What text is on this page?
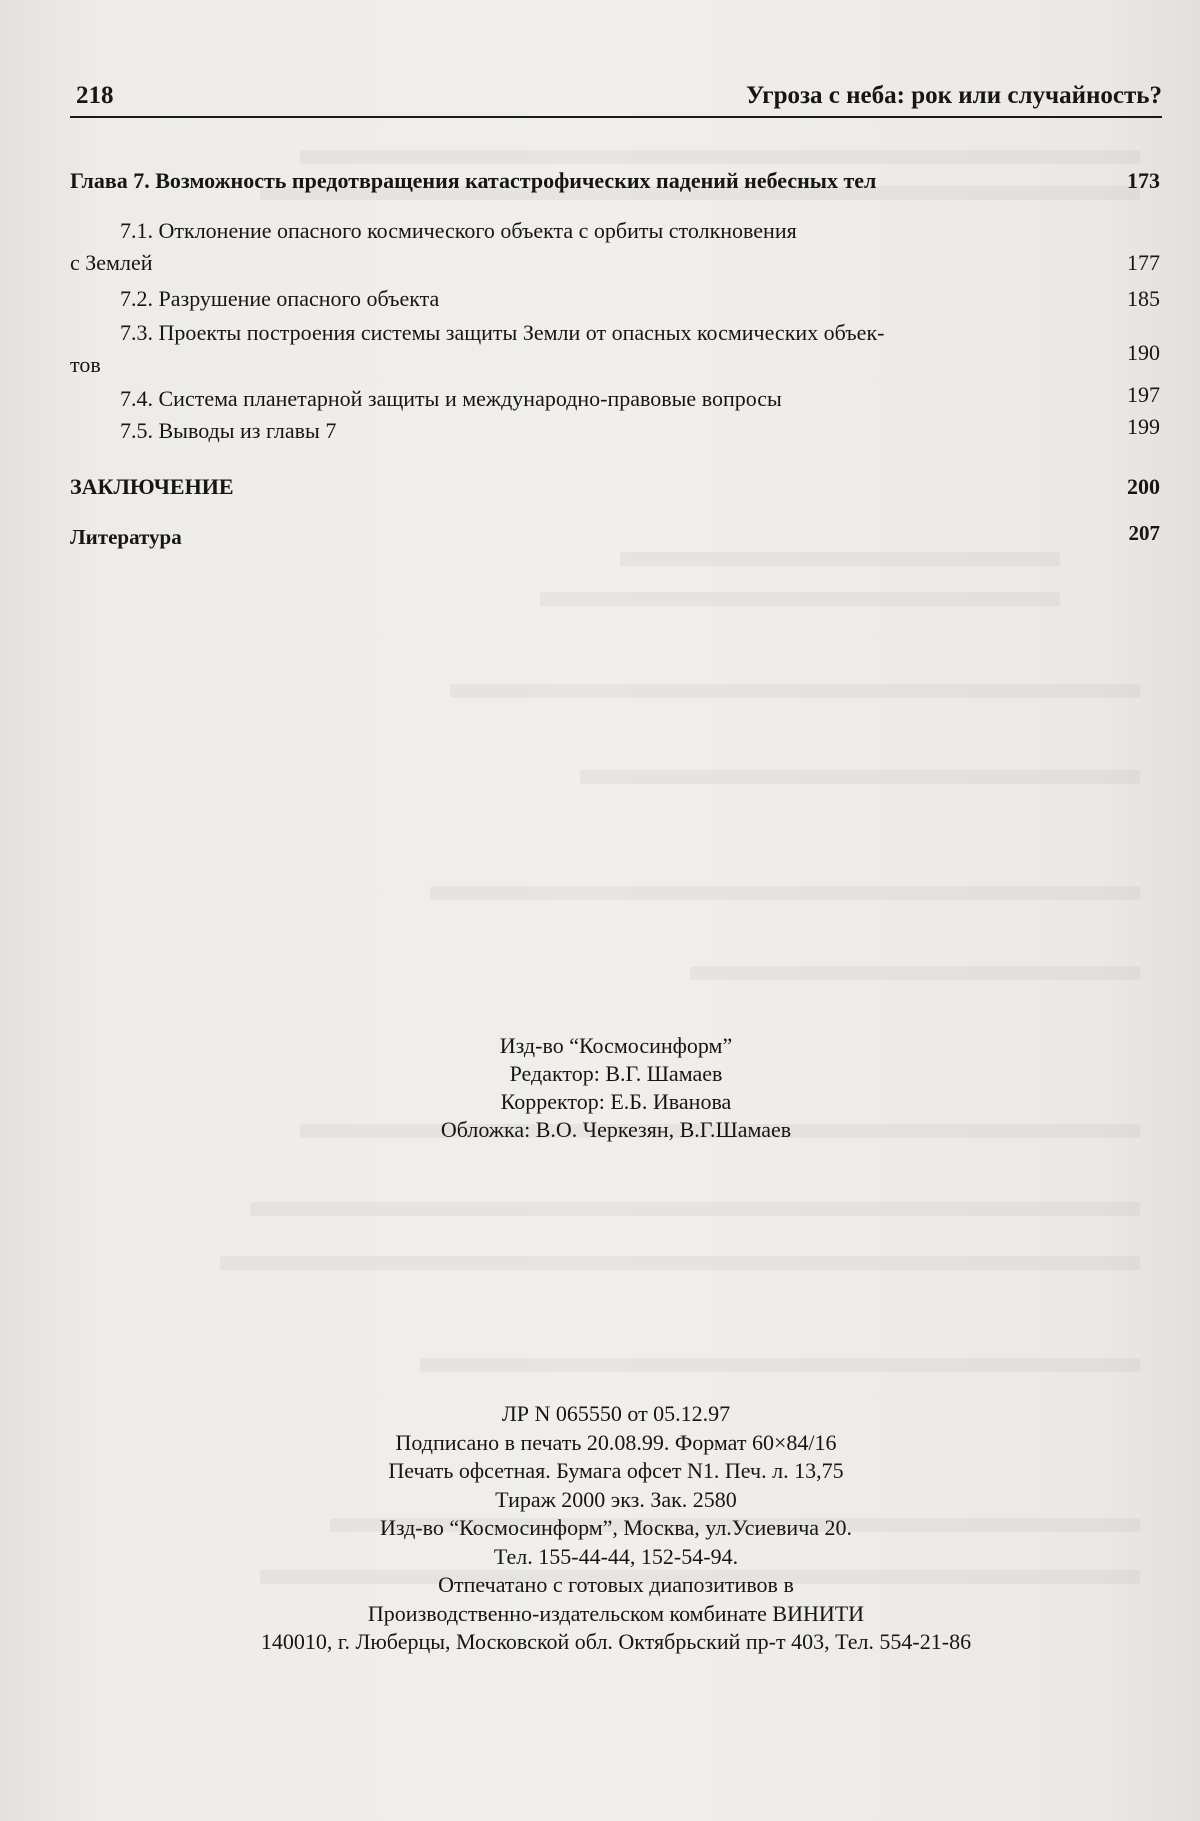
218	Угроза с неба: рок или случайность?
Глава 7. Возможность предотвращения катастрофических падений небесных тел	173
7.1. Отклонение опасного космического объекта с орбиты столкновения
с Землей	177
7.2. Разрушение опасного объекта	185
7.3. Проекты построения системы защиты Земли от опасных космических объек-
тов	190
7.4. Система планетарной защиты и международно-правовые вопросы	197
7.5. Выводы из главы 7	199
ЗАКЛЮЧЕНИЕ	200
Литература	207
Изд-во “Космосинформ”
Редактор: В.Г. Шамаев
Корректор: Е.Б. Иванова
Обложка: В.О. Черкезян, В.Г.Шамаев
ЛР N 065550 от 05.12.97
Подписано в печать 20.08.99. Формат 60×84/16
Печать офсетная. Бумага офсет N1. Печ. л. 13,75
Тираж 2000 экз. Зак. 2580
Изд-во “Космосинформ”, Москва, ул.Усиевича 20.
Тел. 155-44-44, 152-54-94.
Отпечатано с готовых диапозитивов в
Производственно-издательском комбинате ВИНИТИ
140010, г. Люберцы, Московской обл. Октябрьский пр-т 403, Тел. 554-21-86
